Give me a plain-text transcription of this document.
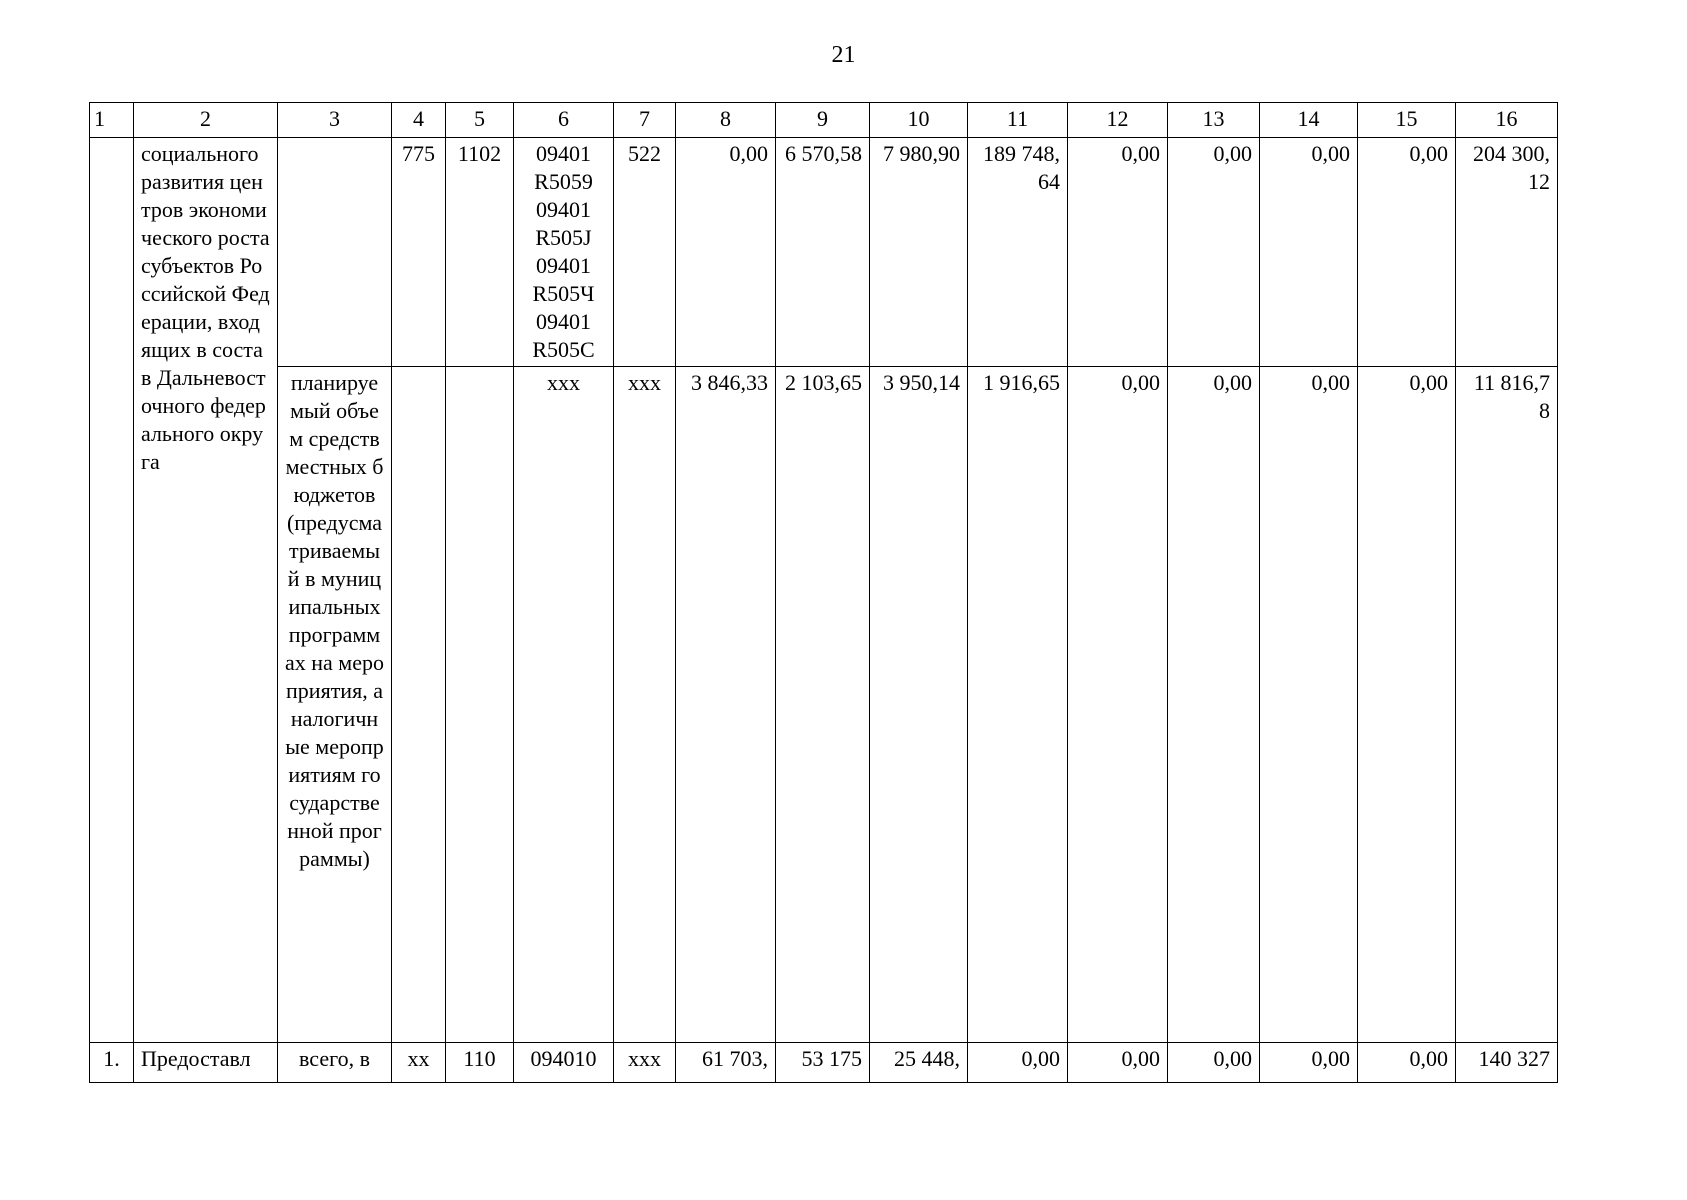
21
1	2	3	4	5	6	7	8	9	10	11	12	13	14	15	16
	социального развития центров экономического роста субъектов Российской Федерации, входящих в состав Дальневосточного федерального округа		775	1102	09401 R5059 09401 R505J 09401 R505Ч 09401 R505C	522	0,00	6 570,58	7 980,90	189 748,64	0,00	0,00	0,00	0,00	204 300,12
		планируемый объем средств местных бюджетов (предусматриваемый в муниципальных программах на мероприятия, аналогичные мероприятиям государственной программы)			ххх	ххх	3 846,33	2 103,65	3 950,14	1 916,65	0,00	0,00	0,00	0,00	11 816,78
1.	Предоставл	всего, в	хх	110	094010	ххх	61 703,	53 175	25 448,	0,00	0,00	0,00	0,00	0,00	140 327
